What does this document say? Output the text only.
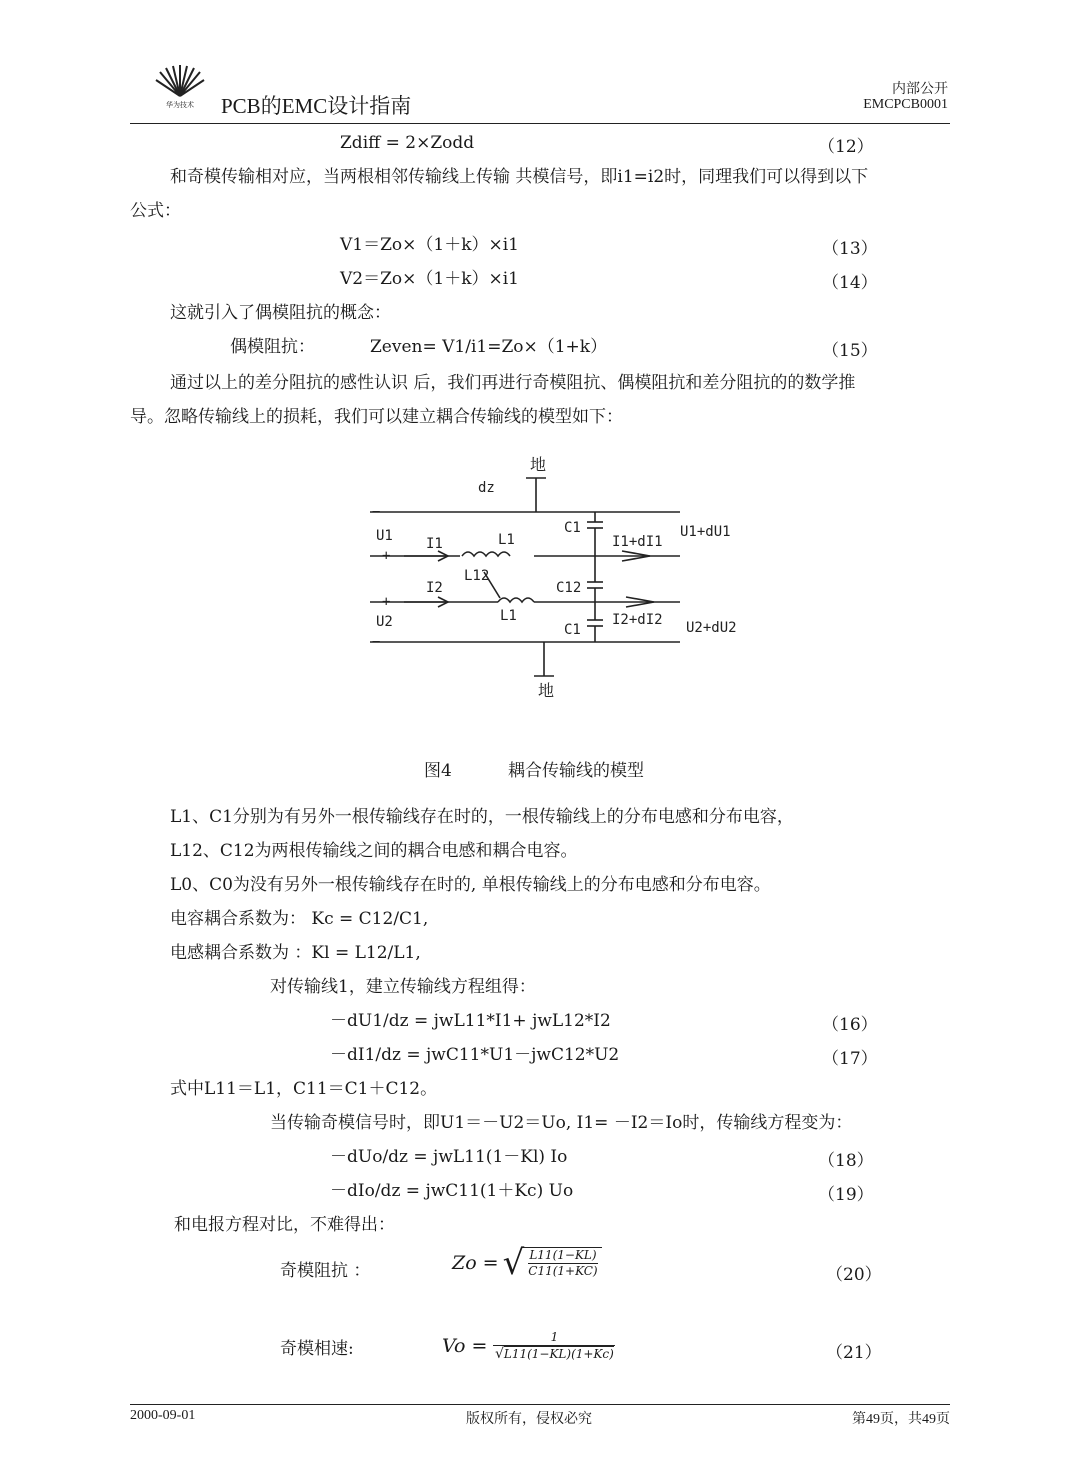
华为技术 PCB的EMC设计指南
内部公开
EMCPCB0001
Zdiff = 2×Zodd	（12）
和奇模传输相对应，当两根相邻传输线上传输 共模信号，即i1=i2时，同理我们可以得到以下
公式：
V1＝Zo×（1＋k）×i1	（13）
V2＝Zo×（1＋k）×i1	（14）
这就引入了偶模阻抗的概念：
偶模阻抗：	Zeven= V1/i1=Zo×（1+k）	（15）
通过以上的差分阻抗的感性认识 后，我们再进行奇模阻抗、偶模阻抗和差分阻抗的的数学推
导。忽略传输线上的损耗，我们可以建立耦合传输线的模型如下：
地
dz
−
U1
+
I1	L1
C1
I1+dI1
U1+dU1
L12
I2	C12
+
L1	I2+dI2
U2	C1	U2+dU2
−
地
图4	耦合传输线的模型
L1、C1分别为有另外一根传输线存在时的，一根传输线上的分布电感和分布电容，
L12、C12为两根传输线之间的耦合电感和耦合电容。
L0、C0为没有另外一根传输线存在时的, 单根传输线上的分布电感和分布电容。
电容耦合系数为： Kc = C12/C1,
电感耦合系数为 ：Kl = L12/L1,
对传输线1，建立传输线方程组得：
－dU1/dz = jwL11*I1+ jwL12*I2	（16）
－dI1/dz = jwC11*U1－jwC12*U2	（17）
式中L11＝L1，C11＝C1＋C12。
当传输奇模信号时，即U1＝－U2＝Uo, I1= －I2＝Io时，传输线方程变为：
－dUo/dz = jwL11(1－Kl) Io	（18）
－dIo/dz = jwC11(1＋Kc) Uo	（19）
和电报方程对比，不难得出：
奇模阻抗 ：	Zo = √ $\frac{L11(1-KL)}{C11(1+KC)}$	（20）
奇模相速:	$Vo = \frac{1}{√ L11(1-KL)(1+Kc)}$	（21）
2000-09-01	版权所有，侵权必究	第49页，共49页
